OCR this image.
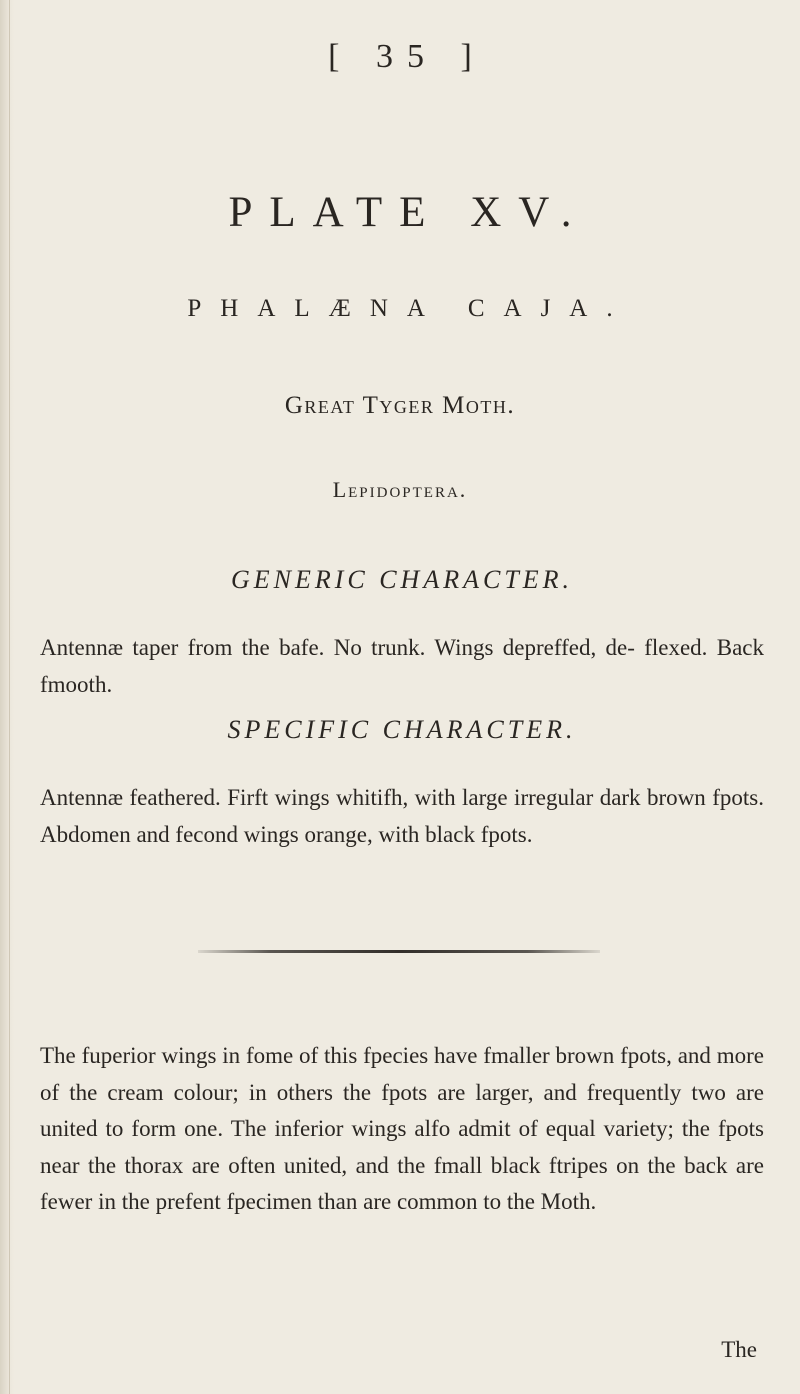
[ 35 ]
PLATE XV.
PHALÆNA CAJA.
Great Tyger Moth.
Lepidoptera.
GENERIC CHARACTER.

Antennæ taper from the bafe. No trunk. Wings depreffed, de- flexed. Back fmooth.

SPECIFIC CHARACTER.

Antennæ feathered. Firft wings whitifh, with large irregular dark brown fpots. Abdomen and fecond wings orange, with black fpots.

The fuperior wings in fome of this fpecies have fmaller brown fpots, and more of the cream colour; in others the fpots are larger, and frequently two are united to form one. The inferior wings alfo admit of equal variety; the fpots near the thorax are often united, and the fmall black ftripes on the back are fewer in the prefent fpecimen than are common to the Moth.

The
